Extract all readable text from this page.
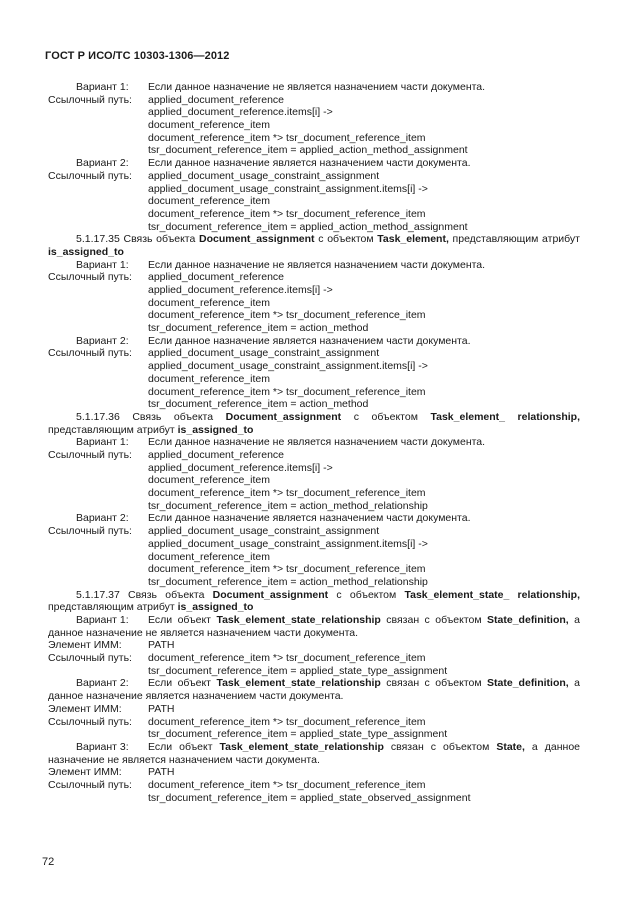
ГОСТ Р ИСО/ТС 10303-1306—2012
Вариант 1: Если данное назначение не является назначением части документа.
Ссылочный путь: applied_document_reference
applied_document_reference.items[i] ->
document_reference_item
document_reference_item *> tsr_document_reference_item
tsr_document_reference_item = applied_action_method_assignment
Вариант 2: Если данное назначение является назначением части документа.
Ссылочный путь: applied_document_usage_constraint_assignment
applied_document_usage_constraint_assignment.items[i] ->
document_reference_item
document_reference_item *> tsr_document_reference_item
tsr_document_reference_item = applied_action_method_assignment
5.1.17.35 Связь объекта Document_assignment с объектом Task_element, представляющим атрибут is_assigned_to
Вариант 1: Если данное назначение не является назначением части документа.
Ссылочный путь: applied_document_reference
applied_document_reference.items[i] ->
document_reference_item
document_reference_item *> tsr_document_reference_item
tsr_document_reference_item = action_method
Вариант 2: Если данное назначение является назначением части документа.
Ссылочный путь: applied_document_usage_constraint_assignment
applied_document_usage_constraint_assignment.items[i] ->
document_reference_item
document_reference_item *> tsr_document_reference_item
tsr_document_reference_item = action_method
5.1.17.36 Связь объекта Document_assignment с объектом Task_element_ relationship, представляющим атрибут is_assigned_to
Вариант 1: Если данное назначение не является назначением части документа.
Ссылочный путь: applied_document_reference
applied_document_reference.items[i] ->
document_reference_item
document_reference_item *> tsr_document_reference_item
tsr_document_reference_item = action_method_relationship
Вариант 2: Если данное назначение является назначением части документа.
Ссылочный путь: applied_document_usage_constraint_assignment
applied_document_usage_constraint_assignment.items[i] ->
document_reference_item
document_reference_item *> tsr_document_reference_item
tsr_document_reference_item = action_method_relationship
5.1.17.37 Связь объекта Document_assignment с объектом Task_element_state_ relationship, представляющим атрибут is_assigned_to
Вариант 1: Если объект Task_element_state_relationship связан с объектом State_definition, а данное назначение не является назначением части документа.
Элемент ИММ:	PATH
Ссылочный путь: document_reference_item *> tsr_document_reference_item
tsr_document_reference_item = applied_state_type_assignment
Вариант 2: Если объект Task_element_state_relationship связан с объектом State_definition, а данное назначение является назначением части документа.
Элемент ИММ:	PATH
Ссылочный путь: document_reference_item *> tsr_document_reference_item
tsr_document_reference_item = applied_state_type_assignment
Вариант 3: Если объект Task_element_state_relationship связан с объектом State, а данное назначение не является назначением части документа.
Элемент ИММ:	PATH
Ссылочный путь: document_reference_item *> tsr_document_reference_item
tsr_document_reference_item = applied_state_observed_assignment
72
